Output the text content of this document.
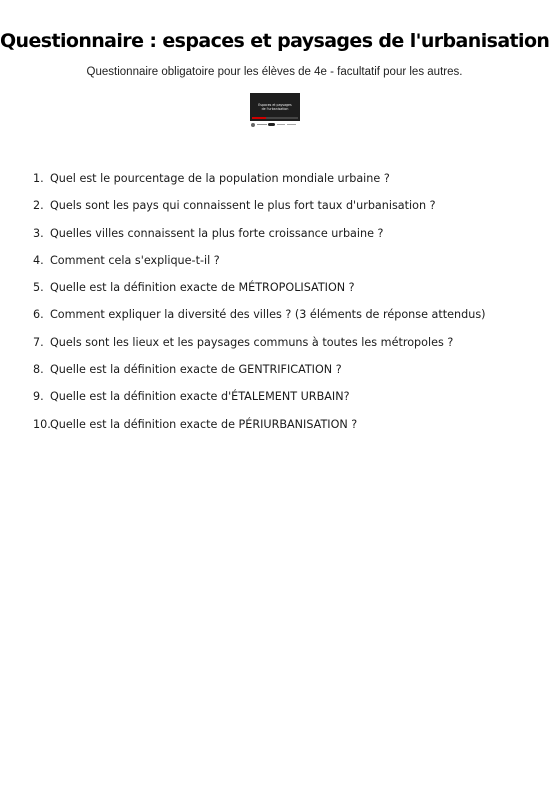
Questionnaire : espaces et paysages de l'urbanisation
Questionnaire obligatoire pour les élèves de 4e - facultatif pour les autres.
Espaces et paysages
de l'urbanisation
1. Quel est le pourcentage de la population mondiale urbaine ?
2. Quels sont les pays qui connaissent le plus fort taux d'urbanisation ?
3. Quelles villes connaissent la plus forte croissance urbaine ?
4. Comment cela s'explique-t-il ?
5. Quelle est la définition exacte de MÉTROPOLISATION ?
6. Comment expliquer la diversité des villes ? (3 éléments de réponse attendus)
7. Quels sont les lieux et les paysages communs à toutes les métropoles ?
8. Quelle est la définition exacte de GENTRIFICATION ?
9. Quelle est la définition exacte d'ÉTALEMENT URBAIN?
10. Quelle est la définition exacte de PÉRIURBANISATION ?
